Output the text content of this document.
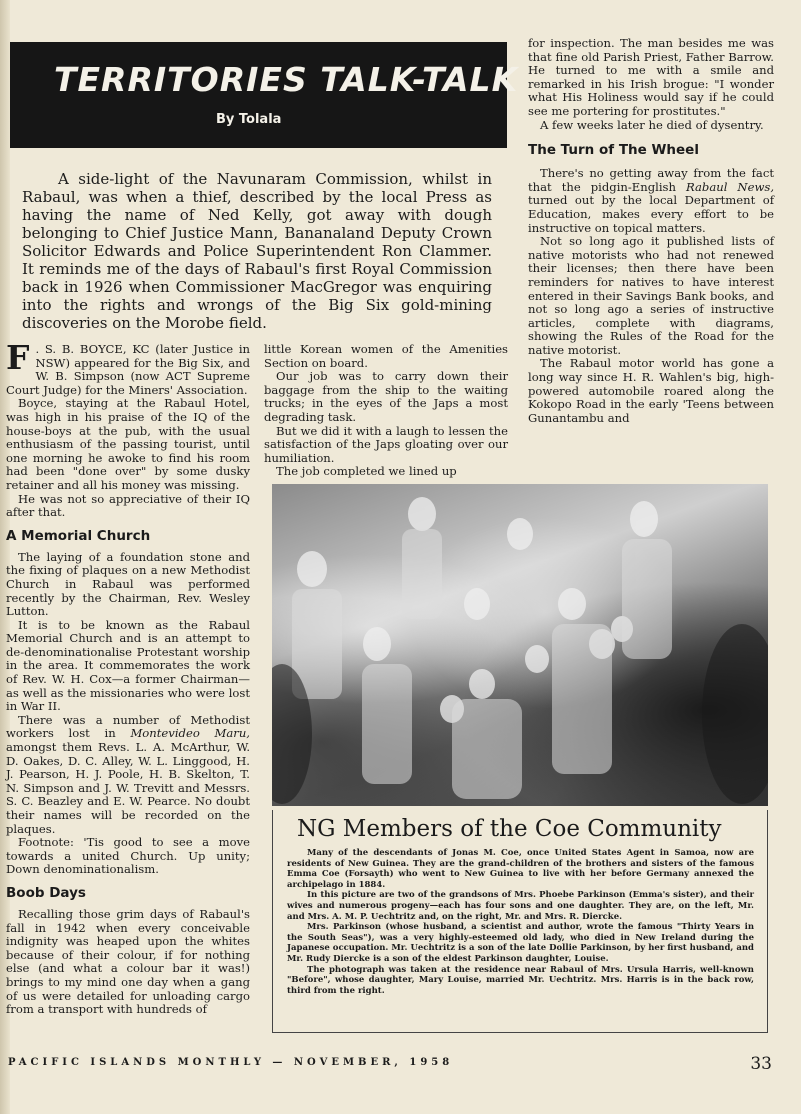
TERRITORIES TALK-TALK
By Tolala
A side-light of the Navunaram Commission, whilst in Rabaul, was when a thief, described by the local Press as having the name of Ned Kelly, got away with dough belonging to Chief Justice Mann, Bananaland Deputy Crown Solicitor Edwards and Police Superintendent Ron Clammer. It reminds me of the days of Rabaul's first Royal Commission back in 1926 when Commissioner MacGregor was enquiring into the rights and wrongs of the Big Six gold-mining discoveries on the Morobe field.

F . S. B. BOYCE, KC (later Justice in NSW) appeared for the Big Six, and W. B. Simpson (now ACT Supreme Court Judge) for the Miners' Association.

Boyce, staying at the Rabaul Hotel, was high in his praise of the IQ of the house-boys at the pub, with the usual enthusiasm of the passing tourist, until one morning he awoke to find his room had been "done over" by some dusky retainer and all his money was missing.

He was not so appreciative of their IQ after that.

A Memorial Church

The laying of a foundation stone and the fixing of plaques on a new Methodist Church in Rabaul was performed recently by the Chairman, Rev. Wesley Lutton.

It is to be known as the Rabaul Memorial Church and is an attempt to de-denominationalise Protestant worship in the area. It commemorates the work of Rev. W. H. Cox—a former Chairman—as well as the missionaries who were lost in War II.

There was a number of Methodist workers lost in Montevideo Maru, amongst them Revs. L. A. McArthur, W. D. Oakes, D. C. Alley, W. L. Linggood, H. J. Pearson, H. J. Poole, H. B. Skelton, T. N. Simpson and J. W. Trevitt and Messrs. S. C. Beazley and E. W. Pearce. No doubt their names will be recorded on the plaques.

Footnote: 'Tis good to see a move towards a united Church. Up unity; Down denominationalism.

Boob Days

Recalling those grim days of Rabaul's fall in 1942 when every conceivable indignity was heaped upon the whites because of their colour, if for nothing else (and what a colour bar it was!) brings to my mind one day when a gang of us were detailed for unloading cargo from a transport with hundreds of

little Korean women of the Amenities Section on board.

Our job was to carry down their baggage from the ship to the waiting trucks; in the eyes of the Japs a most degrading task.

But we did it with a laugh to lessen the satisfaction of the Japs gloating over our humiliation.

The job completed we lined up

for inspection. The man besides me was that fine old Parish Priest, Father Barrow. He turned to me with a smile and remarked in his Irish brogue: "I wonder what His Holiness would say if he could see me portering for prostitutes."

A few weeks later he died of dysentry.

The Turn of The Wheel

There's no getting away from the fact that the pidgin-English Rabaul News, turned out by the local Department of Education, makes every effort to be instructive on topical matters.

Not so long ago it published lists of native motorists who had not renewed their licenses; then there have been reminders for natives to have interest entered in their Savings Bank books, and not so long ago a series of instructive articles, complete with diagrams, showing the Rules of the Road for the native motorist.

The Rabaul motor world has gone a long way since H. R. Wahlen's big, high-powered automobile roared along the Kokopo Road in the early 'Teens between Gunantambu and

NG Members of the Coe Community

Many of the descendants of Jonas M. Coe, once United States Agent in Samoa, now are residents of New Guinea. They are the grand-children of the brothers and sisters of the famous Emma Coe (Forsayth) who went to New Guinea to live with her before Germany annexed the archipelago in 1884.

In this picture are two of the grandsons of Mrs. Phoebe Parkinson (Emma's sister), and their wives and numerous progeny—each has four sons and one daughter. They are, on the left, Mr. and Mrs. A. M. P. Uechtritz and, on the right, Mr. and Mrs. R. Diercke.

Mrs. Parkinson (whose husband, a scientist and author, wrote the famous "Thirty Years in the South Seas"), was a very highly-esteemed old lady, who died in New Ireland during the Japanese occupation. Mr. Uechtritz is a son of the late Dollie Parkinson, by her first husband, and Mr. Rudy Diercke is a son of the eldest Parkinson daughter, Louise.

The photograph was taken at the residence near Rabaul of Mrs. Ursula Harris, well-known "Before", whose daughter, Mary Louise, married Mr. Uechtritz. Mrs. Harris is in the back row, third from the right.

PACIFIC ISLANDS MONTHLY — NOVEMBER, 1958	33
